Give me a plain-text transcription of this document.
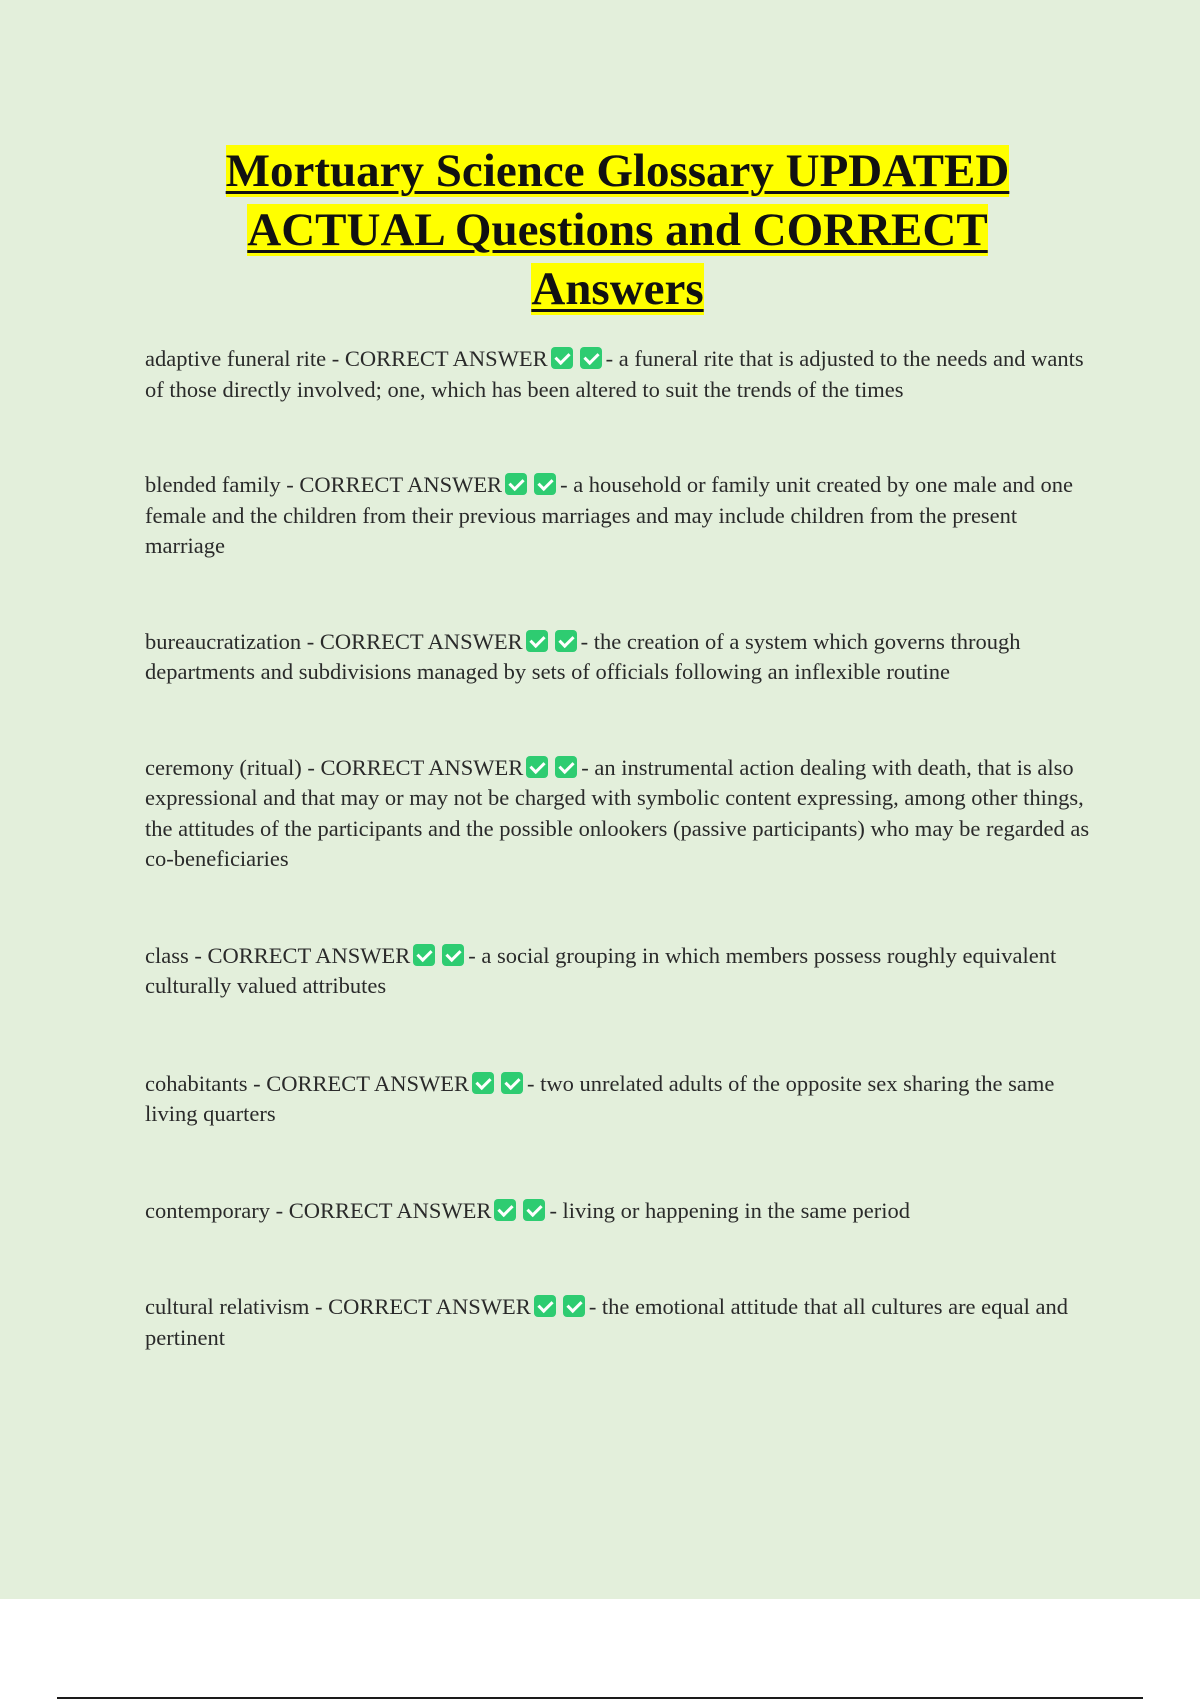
Mortuary Science Glossary UPDATED
ACTUAL Questions and CORRECT
Answers

adaptive funeral rite - CORRECT ANSWER	- a funeral rite that is adjusted to the needs and wants of those directly involved; one, which has been altered to suit the trends of the times

blended family - CORRECT ANSWER	- a household or family unit created by one male and one female and the children from their previous marriages and may include children from the present marriage

bureaucratization - CORRECT ANSWER	- the creation of a system which governs through departments and subdivisions managed by sets of officials following an inflexible routine

ceremony (ritual) - CORRECT ANSWER	- an instrumental action dealing with death, that is also expressional and that may or may not be charged with symbolic content expressing, among other things, the attitudes of the participants and the possible onlookers (passive participants) who may be regarded as co-beneficiaries

class - CORRECT ANSWER	- a social grouping in which members possess roughly equivalent culturally valued attributes

cohabitants - CORRECT ANSWER	- two unrelated adults of the opposite sex sharing the same living quarters

contemporary - CORRECT ANSWER	- living or happening in the same period

cultural relativism - CORRECT ANSWER	- the emotional attitude that all cultures are equal and pertinent
